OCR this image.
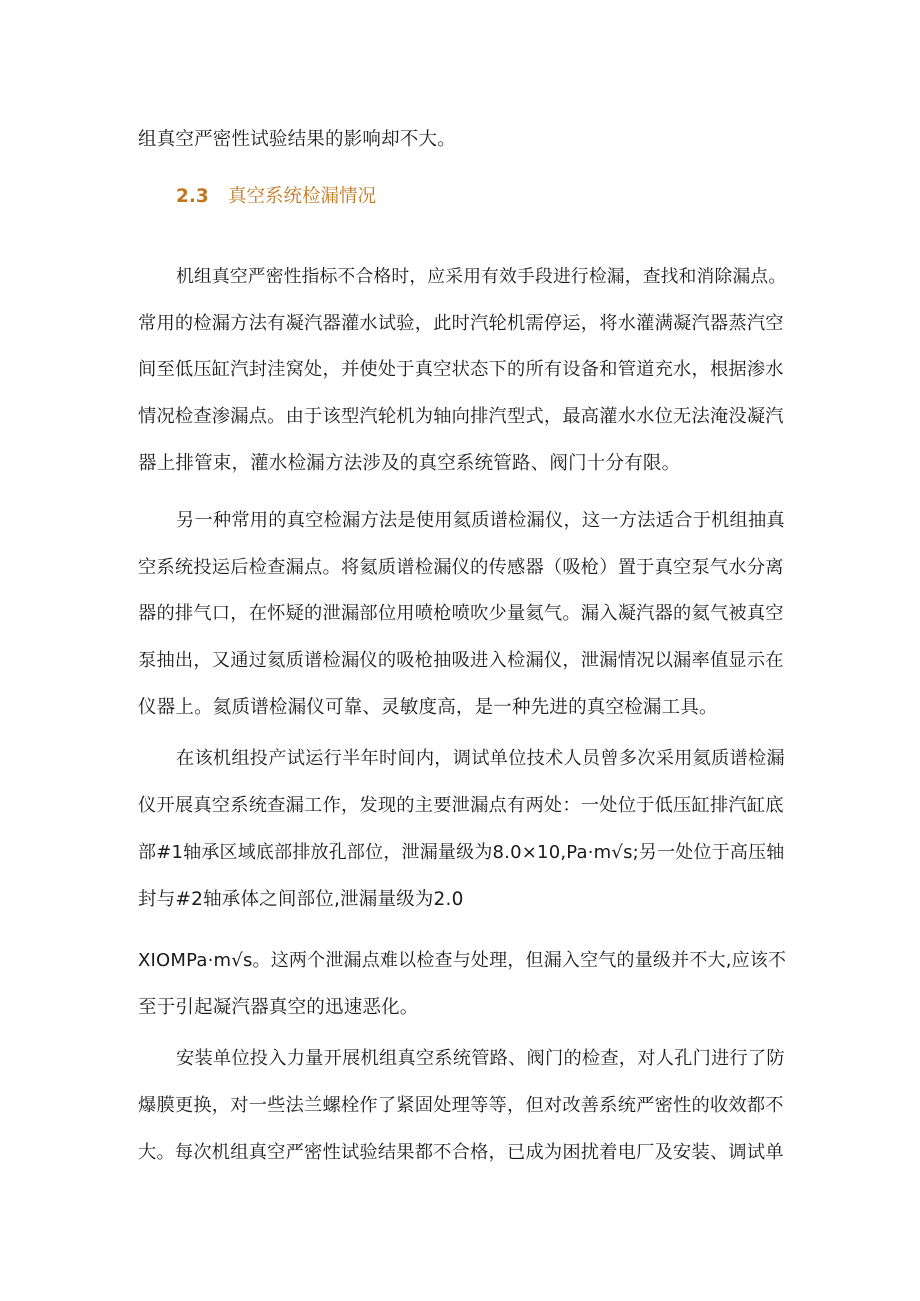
组真空严密性试验结果的影响却不大。
2.3 真空系统检漏情况
机组真空严密性指标不合格时，应采用有效手段进行检漏，查找和消除漏点。
常用的检漏方法有凝汽器灌水试验，此时汽轮机需停运，将水灌满凝汽器蒸汽空
间至低压缸汽封洼窝处，并使处于真空状态下的所有设备和管道充水，根据渗水
情况检查渗漏点。由于该型汽轮机为轴向排汽型式，最高灌水水位无法淹没凝汽
器上排管束，灌水检漏方法涉及的真空系统管路、阀门十分有限。
另一种常用的真空检漏方法是使用氦质谱检漏仪，这一方法适合于机组抽真
空系统投运后检查漏点。将氦质谱检漏仪的传感器（吸枪）置于真空泵气水分离
器的排气口，在怀疑的泄漏部位用喷枪喷吹少量氦气。漏入凝汽器的氦气被真空
泵抽出，又通过氦质谱检漏仪的吸枪抽吸进入检漏仪，泄漏情况以漏率值显示在
仪器上。氦质谱检漏仪可靠、灵敏度高，是一种先进的真空检漏工具。
在该机组投产试运行半年时间内，调试单位技术人员曾多次采用氦质谱检漏
仪开展真空系统查漏工作，发现的主要泄漏点有两处：一处位于低压缸排汽缸底
部#1轴承区域底部排放孔部位，泄漏量级为8.0×10,Pa·m√s;另一处位于高压轴
封与#2轴承体之间部位,泄漏量级为2.0
XIOMPa·m√s。这两个泄漏点难以检查与处理，但漏入空气的量级并不大,应该不
至于引起凝汽器真空的迅速恶化。
安装单位投入力量开展机组真空系统管路、阀门的检查，对人孔门进行了防
爆膜更换，对一些法兰螺栓作了紧固处理等等，但对改善系统严密性的收效都不
大。每次机组真空严密性试验结果都不合格，已成为困扰着电厂及安装、调试单
